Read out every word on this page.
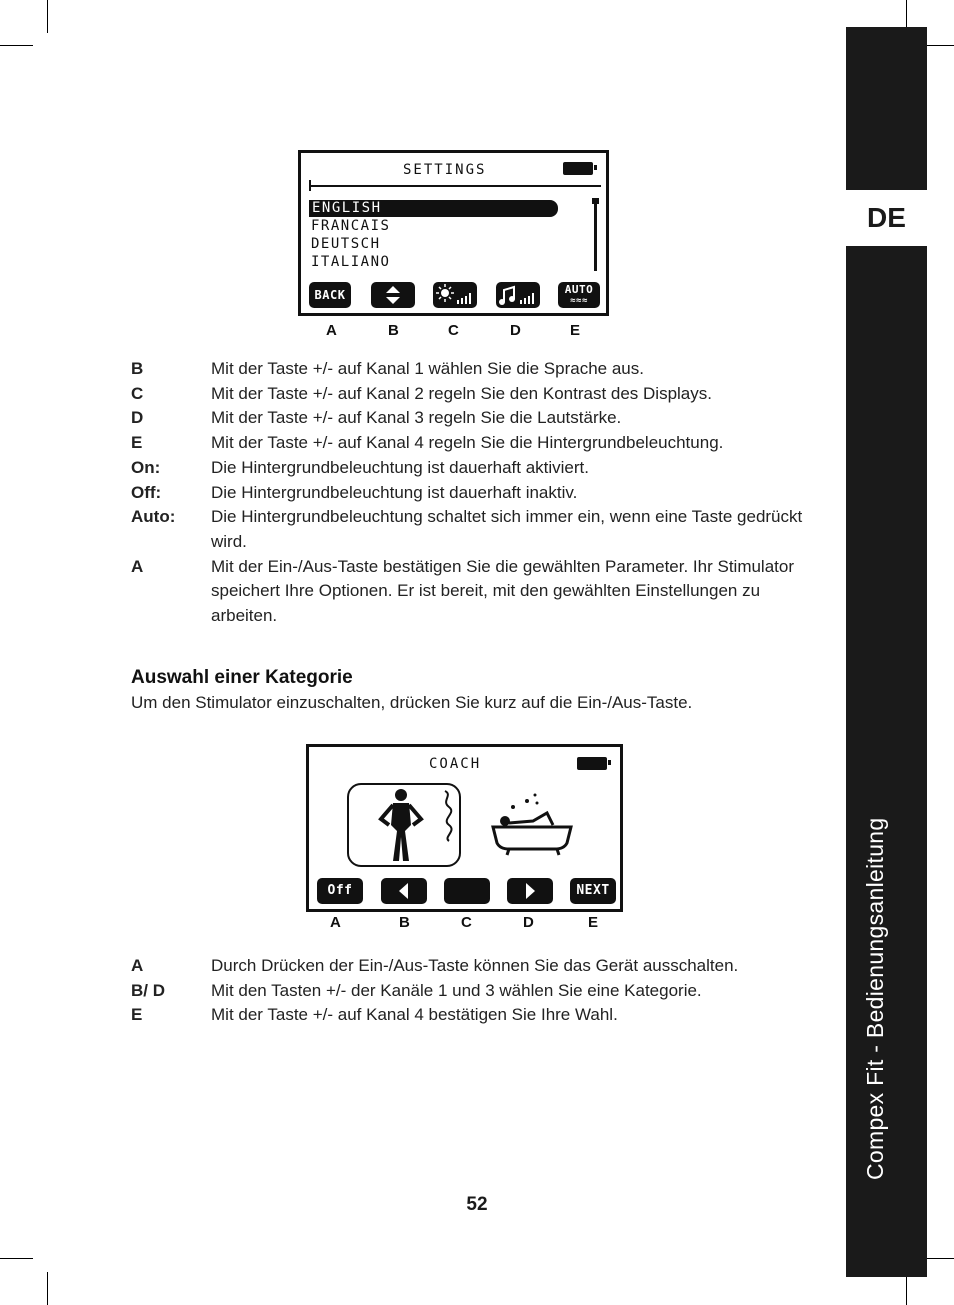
DE
Compex Fit - Bedienungsanleitung
SETTINGS
ENGLISH
FRANCAIS
DEUTSCH
ITALIANO
BACK	AUTO
≈≈≈
A	B	C	D	E
B	Mit der Taste +/- auf Kanal 1 wählen Sie die Sprache aus.
C	Mit der Taste +/- auf Kanal 2 regeln Sie den Kontrast des Displays.
D	Mit der Taste +/- auf Kanal 3 regeln Sie die Lautstärke.
E	Mit der Taste +/- auf Kanal 4 regeln Sie die Hintergrundbeleuchtung.
On:	Die Hintergrundbeleuchtung ist dauerhaft aktiviert.
Off:	Die Hintergrundbeleuchtung ist dauerhaft inaktiv.
Auto:	Die Hintergrundbeleuchtung schaltet sich immer ein, wenn eine Taste gedrückt wird.
A	Mit der Ein-/Aus-Taste bestätigen Sie die gewählten Parameter. Ihr Stimulator speichert Ihre Optionen. Er ist bereit, mit den gewählten Einstellungen zu arbeiten.
Auswahl einer Kategorie
Um den Stimulator einzuschalten, drücken Sie kurz auf die Ein-/Aus-Taste.
COACH
Off	NEXT
A	B	C	D	E
A	Durch Drücken der Ein-/Aus-Taste können Sie das Gerät ausschalten.
B/ D	Mit den Tasten +/- der Kanäle 1 und 3 wählen Sie eine Kategorie.
E	Mit der Taste +/- auf Kanal 4 bestätigen Sie Ihre Wahl.
52
